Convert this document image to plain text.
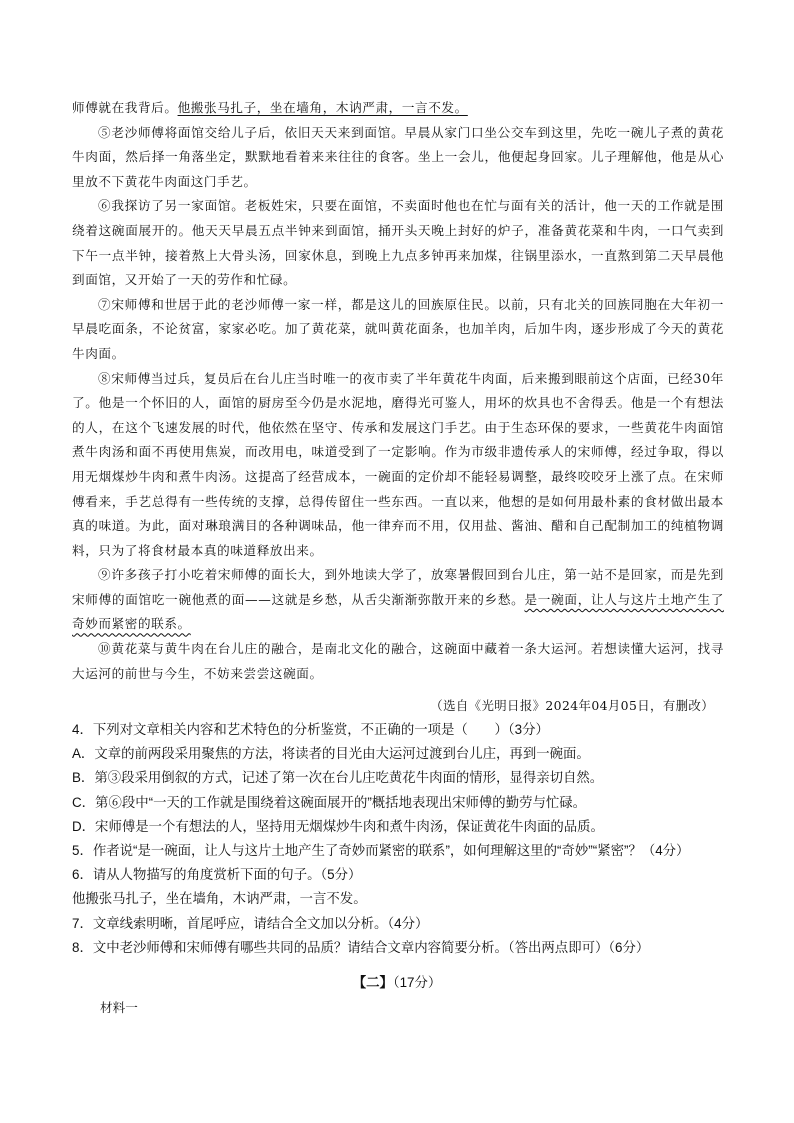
师傅就在我背后。他搬张马扎子，坐在墙角，木讷严肃，一言不发。

⑤老沙师傅将面馆交给儿子后，依旧天天来到面馆。早晨从家门口坐公交车到这里，先吃一碗儿子煮的黄花牛肉面，然后择一角落坐定，默默地看着来来往往的食客。坐上一会儿，他便起身回家。儿子理解他，他是从心里放不下黄花牛肉面这门手艺。

⑥我探访了另一家面馆。老板姓宋，只要在面馆，不卖面时他也在忙与面有关的活计，他一天的工作就是围绕着这碗面展开的。他天天早晨五点半钟来到面馆，捅开头天晚上封好的炉子，准备黄花菜和牛肉，一口气卖到下午一点半钟，接着熬上大骨头汤，回家休息，到晚上九点多钟再来加煤，往锅里添水，一直熬到第二天早晨他到面馆，又开始了一天的劳作和忙碌。

⑦宋师傅和世居于此的老沙师傅一家一样，都是这儿的回族原住民。以前，只有北关的回族同胞在大年初一早晨吃面条，不论贫富，家家必吃。加了黄花菜，就叫黄花面条，也加羊肉，后加牛肉，逐步形成了今天的黄花牛肉面。

⑧宋师傅当过兵，复员后在台儿庄当时唯一的夜市卖了半年黄花牛肉面，后来搬到眼前这个店面，已经30年了。他是一个怀旧的人，面馆的厨房至今仍是水泥地，磨得光可鉴人，用坏的炊具也不舍得丢。他是一个有想法的人，在这个飞速发展的时代，他依然在坚守、传承和发展这门手艺。由于生态环保的要求，一些黄花牛肉面馆煮牛肉汤和面不再使用焦炭，而改用电，味道受到了一定影响。作为市级非遗传承人的宋师傅，经过争取，得以用无烟煤炒牛肉和煮牛肉汤。这提高了经营成本，一碗面的定价却不能轻易调整，最终咬咬牙上涨了点。在宋师傅看来，手艺总得有一些传统的支撑，总得传留住一些东西。一直以来，他想的是如何用最朴素的食材做出最本真的味道。为此，面对琳琅满目的各种调味品，他一律弃而不用，仅用盐、酱油、醋和自己配制加工的纯植物调料，只为了将食材最本真的味道释放出来。

⑨许多孩子打小吃着宋师傅的面长大，到外地读大学了，放寒暑假回到台儿庄，第一站不是回家，而是先到宋师傅的面馆吃一碗他煮的面——这就是乡愁，从舌尖渐渐弥散开来的乡愁。是一碗面，让人与这片土地产生了奇妙而紧密的联系。

⑩黄花菜与黄牛肉在台儿庄的融合，是南北文化的融合，这碗面中藏着一条大运河。若想读懂大运河，找寻大运河的前世与今生，不妨来尝尝这碗面。

（选自《光明日报》2024年04月05日，有删改）

4．下列对文章相关内容和艺术特色的分析鉴赏，不正确的一项是（　　）（3分）

A．文章的前两段采用聚焦的方法，将读者的目光由大运河过渡到台儿庄，再到一碗面。

B．第③段采用倒叙的方式，记述了第一次在台儿庄吃黄花牛肉面的情形，显得亲切自然。

C．第⑥段中“一天的工作就是围绕着这碗面展开的”概括地表现出宋师傅的勤劳与忙碌。

D．宋师傅是一个有想法的人，坚持用无烟煤炒牛肉和煮牛肉汤，保证黄花牛肉面的品质。

5．作者说“是一碗面，让人与这片土地产生了奇妙而紧密的联系”，如何理解这里的“奇妙”“紧密”？（4分）

6．请从人物描写的角度赏析下面的句子。（5分）

他搬张马扎子，坐在墙角，木讷严肃，一言不发。

7．文章线索明晰，首尾呼应，请结合全文加以分析。（4分）

8．文中老沙师傅和宋师傅有哪些共同的品质？请结合文章内容简要分析。（答出两点即可）（6分）

【二】（17分）
材料一
